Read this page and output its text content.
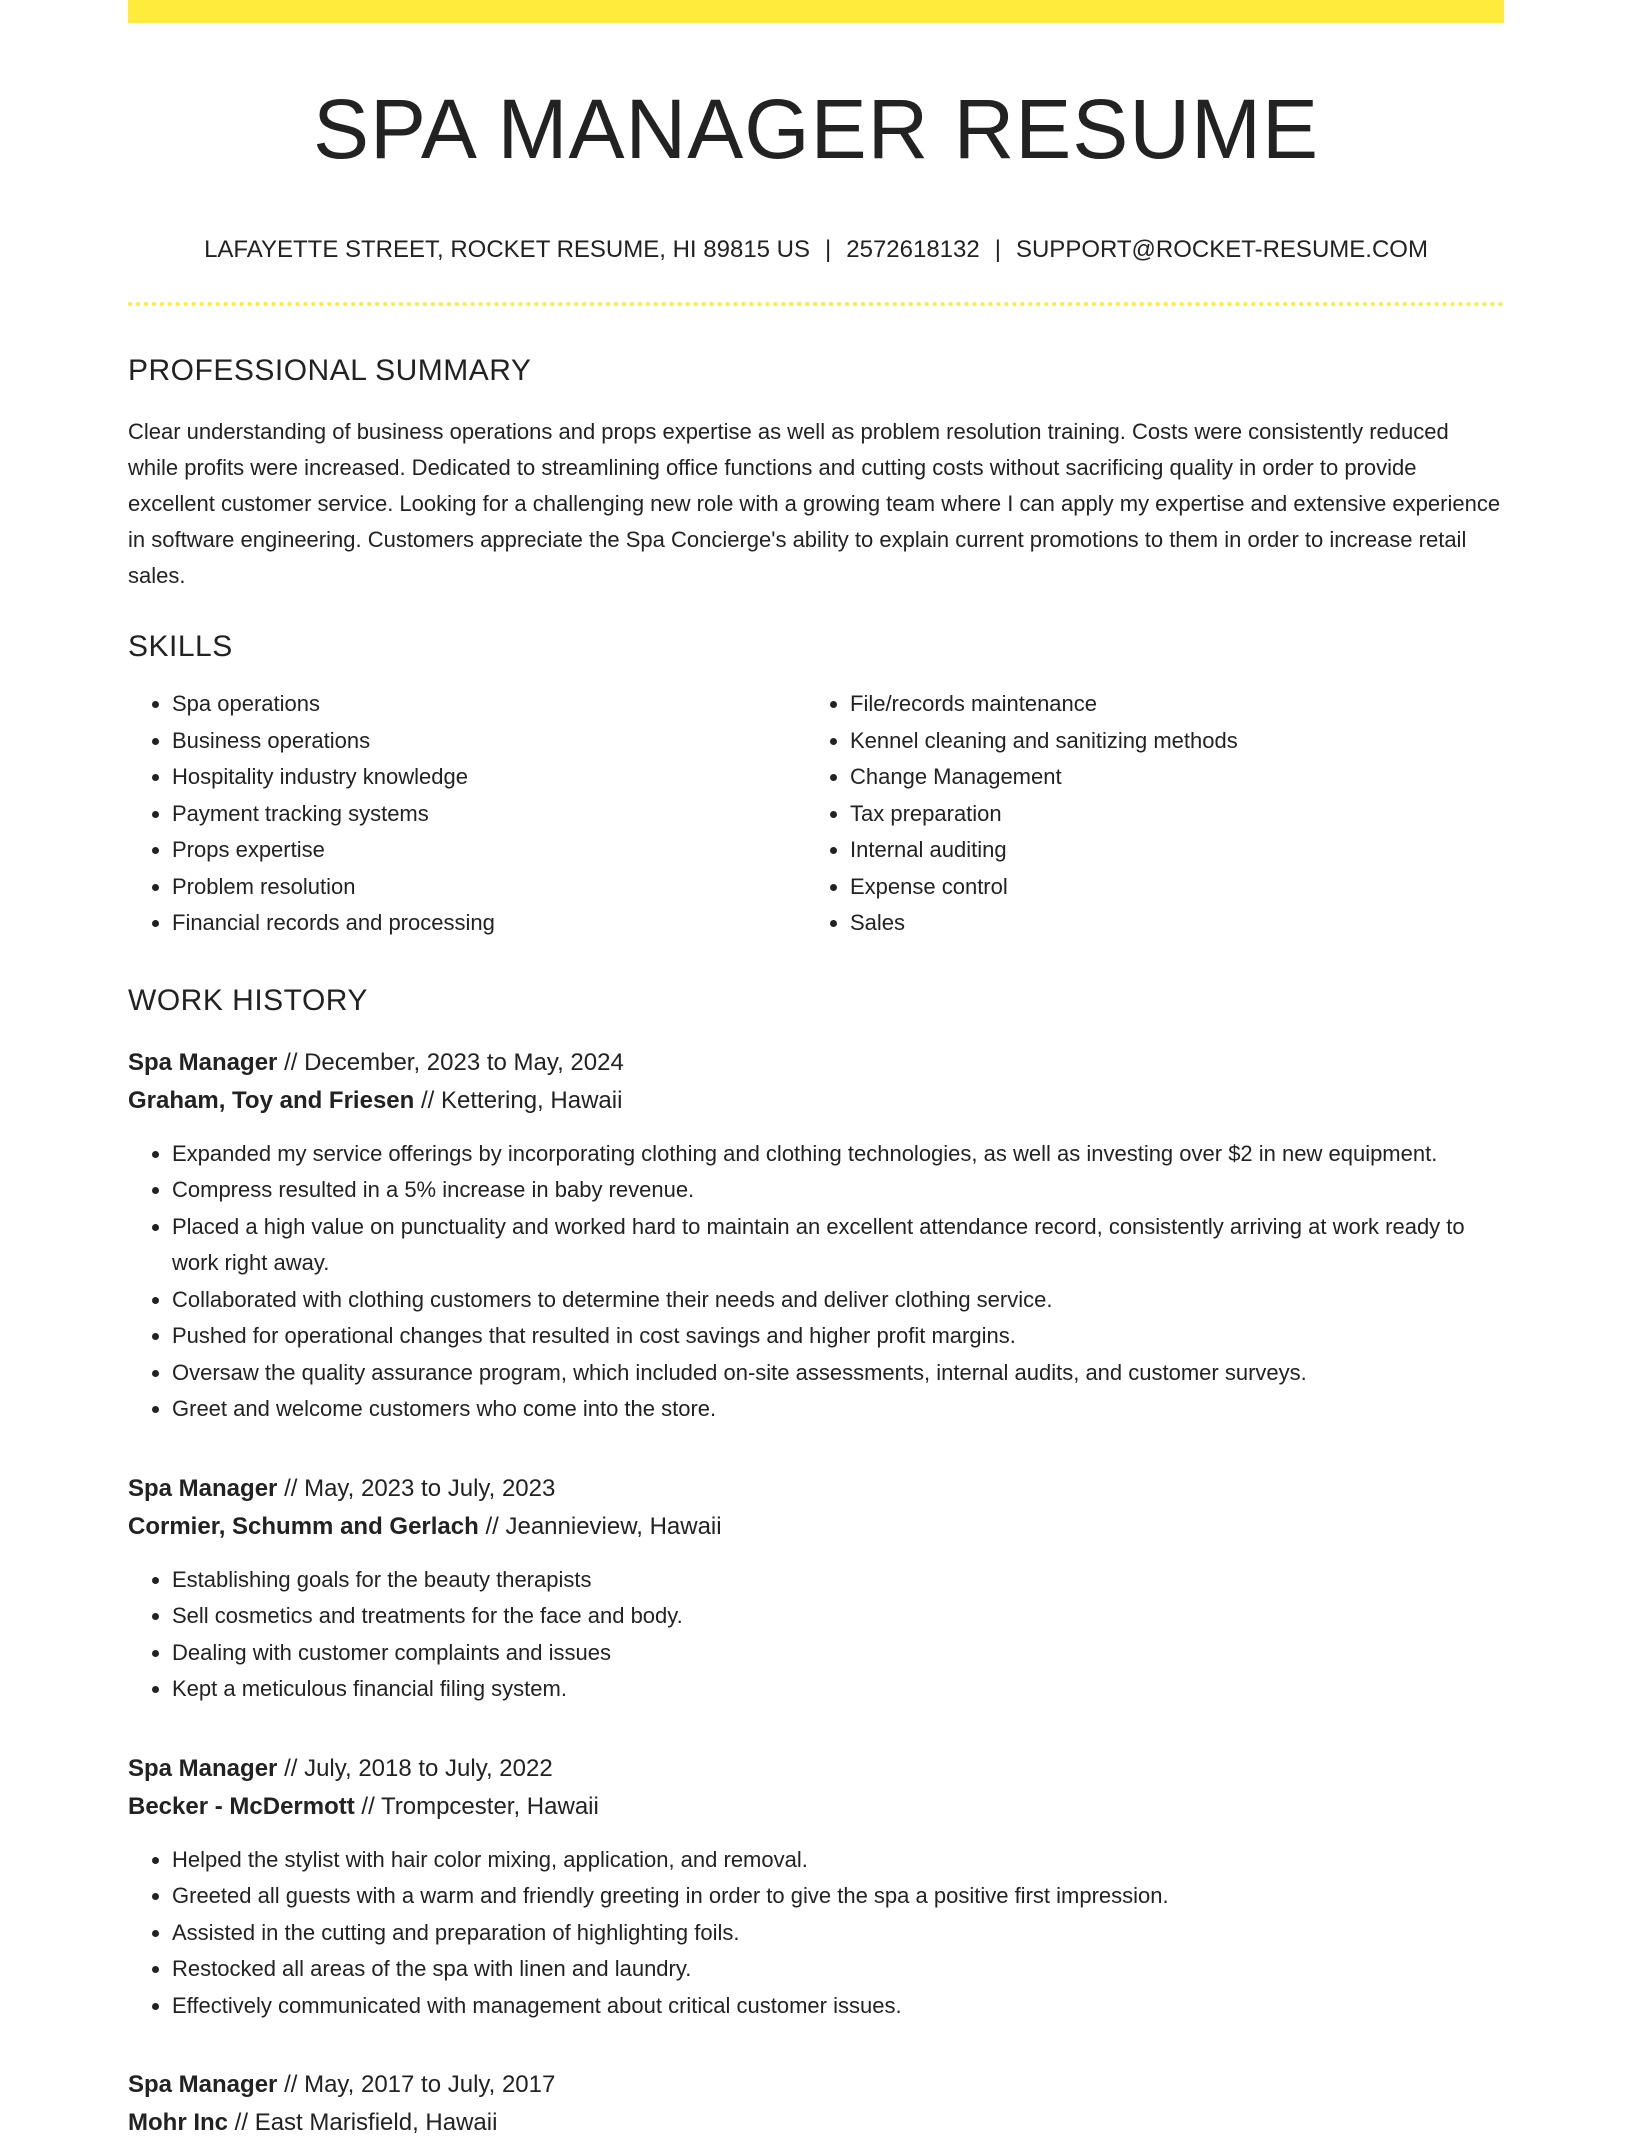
SPA MANAGER RESUME
LAFAYETTE STREET, ROCKET RESUME, HI 89815 US | 2572618132 | SUPPORT@ROCKET-RESUME.COM
PROFESSIONAL SUMMARY

Clear understanding of business operations and props expertise as well as problem resolution training. Costs were consistently reduced while profits were increased. Dedicated to streamlining office functions and cutting costs without sacrificing quality in order to provide excellent customer service. Looking for a challenging new role with a growing team where I can apply my expertise and extensive experience in software engineering. Customers appreciate the Spa Concierge's ability to explain current promotions to them in order to increase retail sales.

SKILLS
• Spa operations
• Business operations
• Hospitality industry knowledge
• Payment tracking systems
• Props expertise
• Problem resolution
• Financial records and processing
• File/records maintenance
• Kennel cleaning and sanitizing methods
• Change Management
• Tax preparation
• Internal auditing
• Expense control
• Sales
WORK HISTORY
Spa Manager // December, 2023 to May, 2024
Graham, Toy and Friesen // Kettering, Hawaii
• Expanded my service offerings by incorporating clothing and clothing technologies, as well as investing over $2 in new equipment.
• Compress resulted in a 5% increase in baby revenue.
• Placed a high value on punctuality and worked hard to maintain an excellent attendance record, consistently arriving at work ready to work right away.
• Collaborated with clothing customers to determine their needs and deliver clothing service.
• Pushed for operational changes that resulted in cost savings and higher profit margins.
• Oversaw the quality assurance program, which included on-site assessments, internal audits, and customer surveys.
• Greet and welcome customers who come into the store.
Spa Manager // May, 2023 to July, 2023
Cormier, Schumm and Gerlach // Jeannieview, Hawaii
• Establishing goals for the beauty therapists
• Sell cosmetics and treatments for the face and body.
• Dealing with customer complaints and issues
• Kept a meticulous financial filing system.
Spa Manager // July, 2018 to July, 2022
Becker - McDermott // Trompcester, Hawaii
• Helped the stylist with hair color mixing, application, and removal.
• Greeted all guests with a warm and friendly greeting in order to give the spa a positive first impression.
• Assisted in the cutting and preparation of highlighting foils.
• Restocked all areas of the spa with linen and laundry.
• Effectively communicated with management about critical customer issues.
Spa Manager // May, 2017 to July, 2017
Mohr Inc // East Marisfield, Hawaii
